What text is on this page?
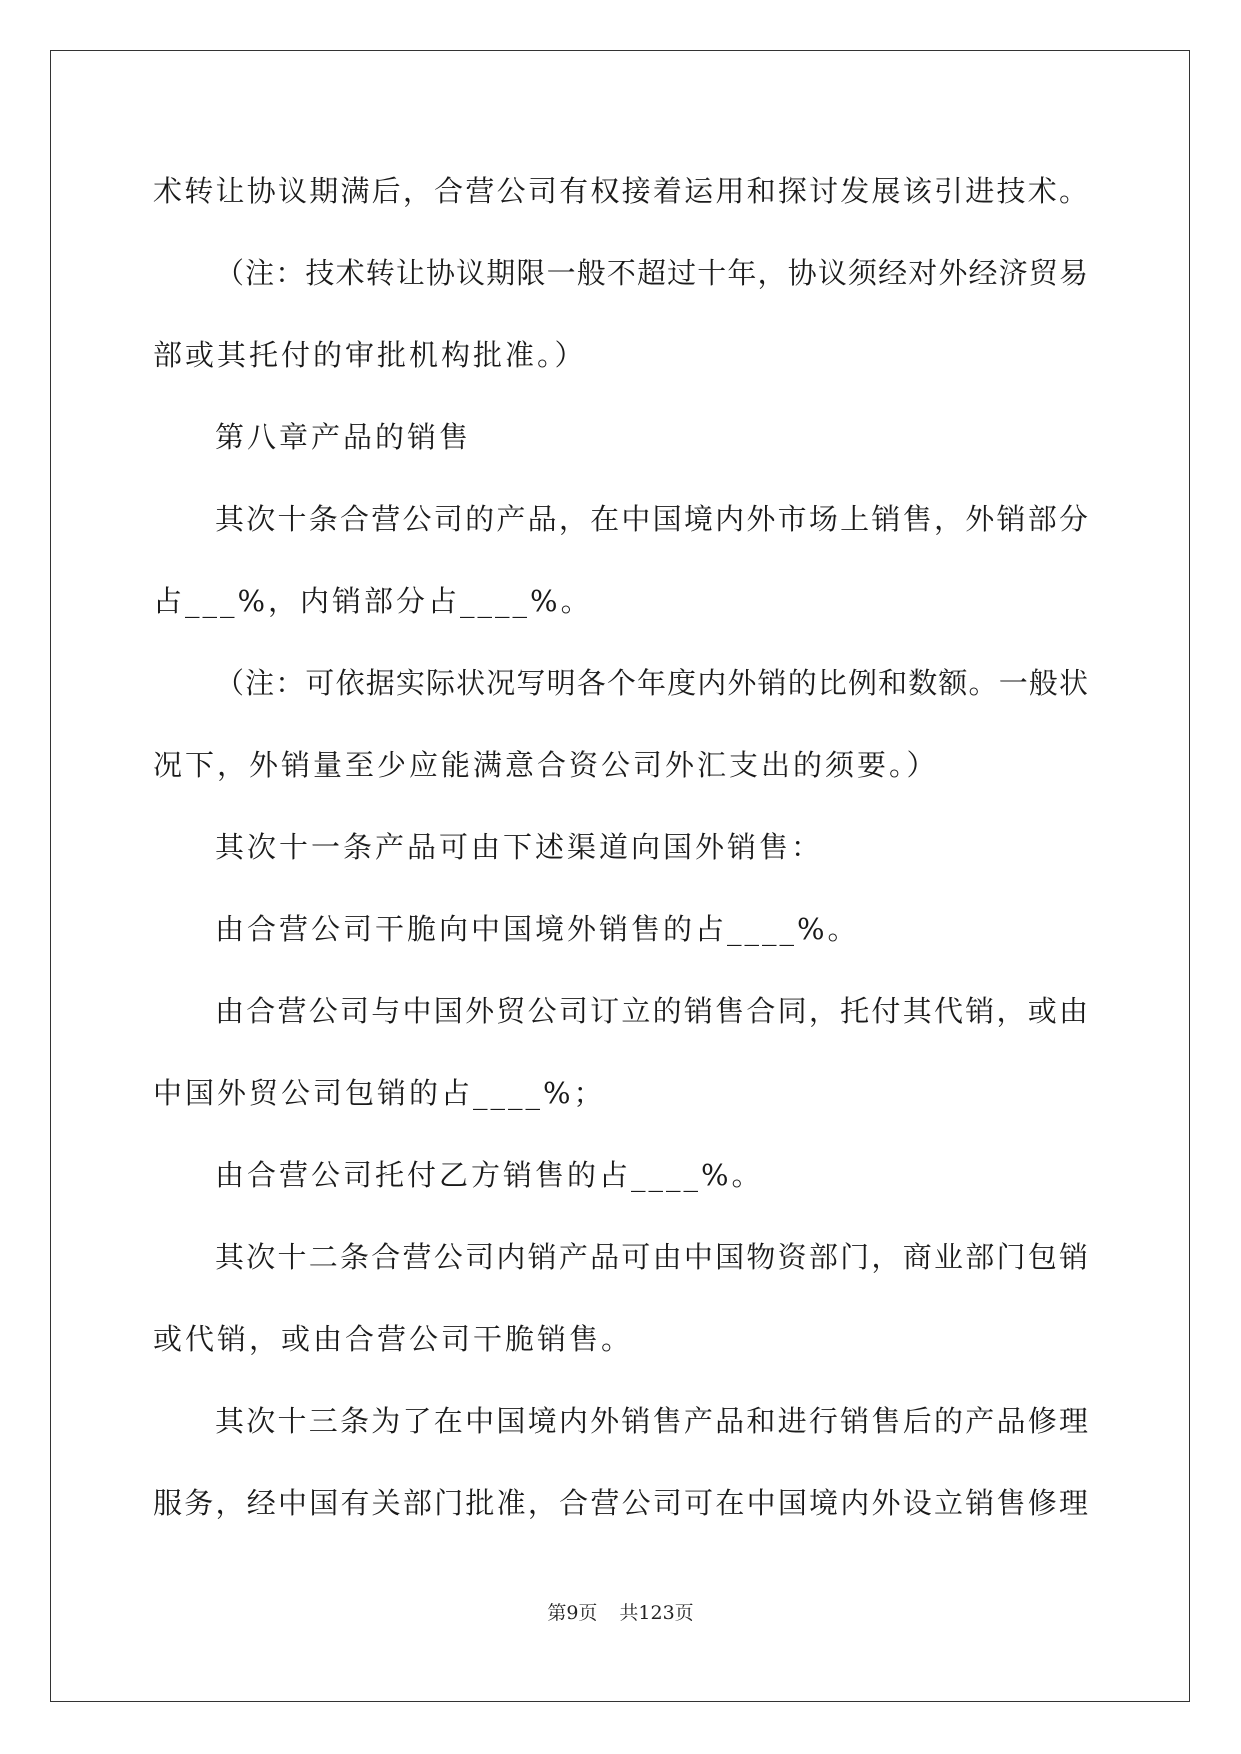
术转让协议期满后，合营公司有权接着运用和探讨发展该引进技术。
（注：技术转让协议期限一般不超过十年，协议须经对外经济贸易
部或其托付的审批机构批准。）
第八章产品的销售
其次十条合营公司的产品，在中国境内外市场上销售，外销部分
占___%，内销部分占____%。
（注：可依据实际状况写明各个年度内外销的比例和数额。一般状
况下，外销量至少应能满意合资公司外汇支出的须要。）
其次十一条产品可由下述渠道向国外销售：
由合营公司干脆向中国境外销售的占____%。
由合营公司与中国外贸公司订立的销售合同，托付其代销，或由
中国外贸公司包销的占____%；
由合营公司托付乙方销售的占____%。
其次十二条合营公司内销产品可由中国物资部门，商业部门包销
或代销，或由合营公司干脆销售。
其次十三条为了在中国境内外销售产品和进行销售后的产品修理
服务，经中国有关部门批准，合营公司可在中国境内外设立销售修理
第9页 共123页
